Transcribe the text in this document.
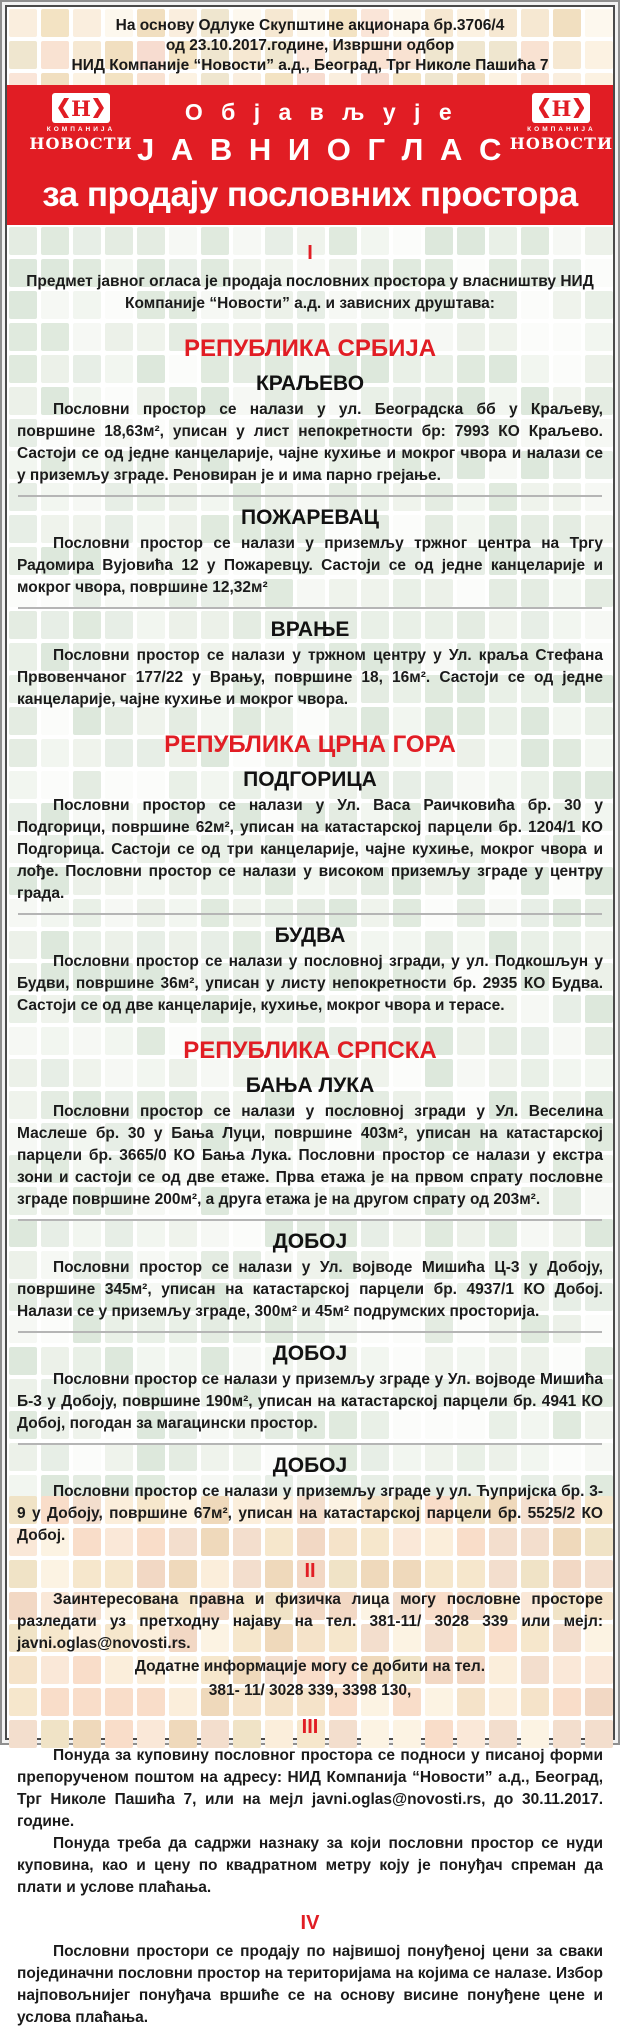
На основу Одлуке Скупштине акционара бр.3706/4
од 23.10.2017.године, Извршни одбор
НИД Компаније “Новости” а.д., Београд, Трг Николе Пашића 7
Н
КОМПАНИЈА
НОВОСТИ
О б ј а в љ у ј е
Ј А В Н И О Г Л А С
Н
КОМПАНИЈА
НОВОСТИ
за продају пословних простора
I

Предмет јавног огласа је продаја пословних простора у власништву НИД Компаније “Новости” а.д. и зависних друштава:

РЕПУБЛИКА СРБИЈА
КРАЉЕВО

Пословни простор се налази у ул. Београдска бб у Краљеву, површине 18,63м², уписан у лист непокретности бр: 7993 КО Краљево. Састоји се од једне канцеларије, чајне кухиње и мокрог чвора и налази се у приземљу зграде. Реновиран је и има парно грејање.

ПОЖАРЕВАЦ

Пословни простор се налази у приземљу тржног центра на Тргу Радомира Вујовића 12 у Пожаревцу. Састоји се од једне канцеларије и мокрог чвора, површине 12,32м²

ВРАЊЕ

Пословни простор се налази у тржном центру у Ул. краља Стефана Првовенчаног 177/22 у Врању, површине 18, 16м². Састоји се од једне канцеларије, чајне кухиње и мокрог чвора.

РЕПУБЛИКА ЦРНА ГОРА
ПОДГОРИЦА

Пословни простор се налази у Ул. Васа Раичковића бр. 30 у Подгорици, површине 62м², уписан на катастарској парцели бр. 1204/1 КО Подгорица. Састоји се од три канцеларије, чајне кухиње, мокрог чвора и лође. Пословни простор се налази у високом приземљу зграде у центру града.

БУДВА

Пословни простор се налази у пословној згради, у ул. Подкошљун у Будви, површине 36м², уписан у листу непокретности бр. 2935 КО Будва. Састоји се од две канцеларије, кухиње, мокрог чвора и терасе.

РЕПУБЛИКА СРПСКА
БАЊА ЛУКА

Пословни простор се налази у пословној згради у Ул. Веселина Маслеше бр. 30 у Бања Луци, површине 403м², уписан на катастарској парцели бр. 3665/0 КО Бања Лука. Пословни простор се налази у екстра зони и састоји се од две етаже. Прва етажа је на првом спрату пословне зграде површине 200м², а друга етажа је на другом спрату од 203м².

ДОБОЈ

Пословни простор се налази у Ул. војводе Мишића Ц-3 у Добоју, површине 345м², уписан на катастарској парцели бр. 4937/1 КО Добој. Налази се у приземљу зграде, 300м² и 45м² подрумских просторија.

ДОБОЈ

Пословни простор се налази у приземљу зграде у Ул. војводе Мишића Б-3 у Добоју, површине 190м², уписан на катастарској парцели бр. 4941 КО Добој, погодан за магацински простор.

ДОБОЈ

Пословни простор се налази у приземљу зграде у ул. Ћупријска бр. 3-9 у Добоју, површине 67м², уписан на катастарској парцели бр. 5525/2 КО Добој.

II

Заинтересована правна и физичка лица могу пословне просторе разледати уз претходну најаву на тел. 381-11/ 3028 339 или мејл: javni.oglas@novosti.rs.

Додатне информације могу се добити на тел.

381- 11/ 3028 339, 3398 130,

III

Понуда за куповину пословног простора се подноси у писаној форми препорученом поштом на адресу: НИД Компанија “Новости” а.д., Београд, Трг Николе Пашића 7, или на мејл javni.oglas@novosti.rs, до 30.11.2017. године.

Понуда треба да садржи назнаку за који пословни простор се нуди куповина, као и цену по квадратном метру коју је понуђач спреман да плати и услове плаћања.

IV

Пословни простори се продају по највишој понуђеној цени за сваки појединачни пословни простор на територијама на којима се налазе. Избор најповољнијег понуђача вршиће се на основу висине понуђене цене и услова плаћања.
